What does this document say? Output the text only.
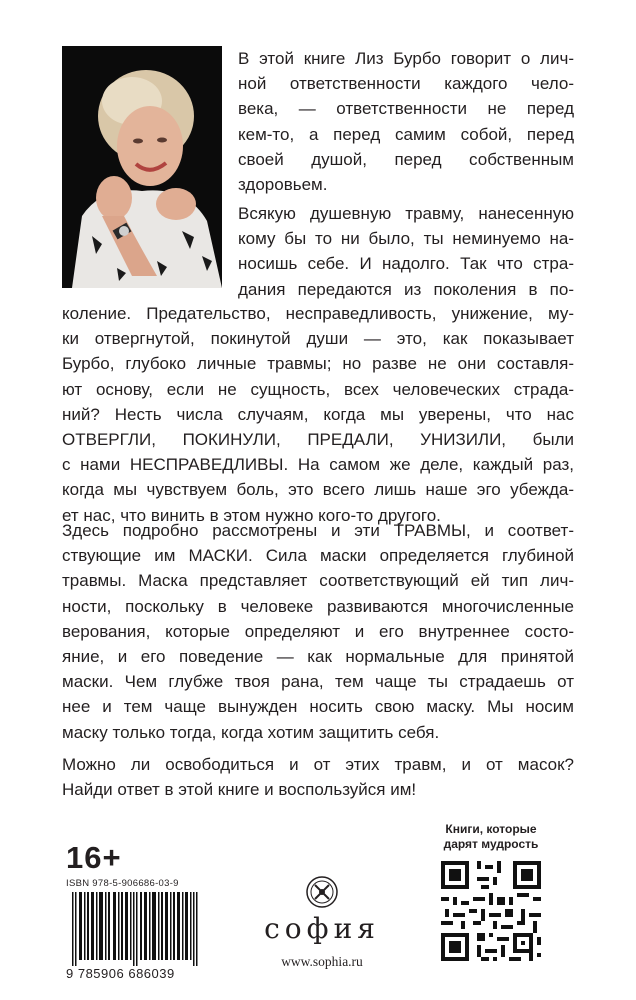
В этой книге Лиз Бурбо говорит о лич-
ной ответственности каждого чело-
века, — ответственности не перед
кем-то, а перед самим собой, перед
своей душой, перед собственным
здоровьем.

Всякую душевную травму, нанесенную
кому бы то ни было, ты неминуемо на-
носишь себе. И надолго. Так что стра-
дания передаются из поколения в по-

коление. Предательство, несправедливость, унижение, му-
ки отвергнутой, покинутой души — это, как показывает
Бурбо, глубоко личные травмы; но разве не они составля-
ют основу, если не сущность, всех человеческих страда-
ний? Несть числа случаям, когда мы уверены, что нас
ОТВЕРГЛИ, ПОКИНУЛИ, ПРЕДАЛИ, УНИЗИЛИ, были
с нами НЕСПРАВЕДЛИВЫ. На самом же деле, каждый раз,
когда мы чувствуем боль, это всего лишь наше эго убежда-
ет нас, что винить в этом нужно кого-то другого.

Здесь подробно рассмотрены и эти ТРАВМЫ, и соответ-
ствующие им МАСКИ. Сила маски определяется глубиной
травмы. Маска представляет соответствующий ей тип лич-
ности, поскольку в человеке развиваются многочисленные
верования, которые определяют и его внутреннее состо-
яние, и его поведение — как нормальные для принятой
маски. Чем глубже твоя рана, тем чаще ты страдаешь от
нее и тем чаще вынужден носить свою маску. Мы носим
маску только тогда, когда хотим защитить себя.

Можно ли освободиться и от этих травм, и от масок?
Найди ответ в этой книге и воспользуйся им!

16+
ISBN 978-5-906686-03-9
9 785906 686039
софия
www.sophia.ru
Книги, которые дарят мудрость
